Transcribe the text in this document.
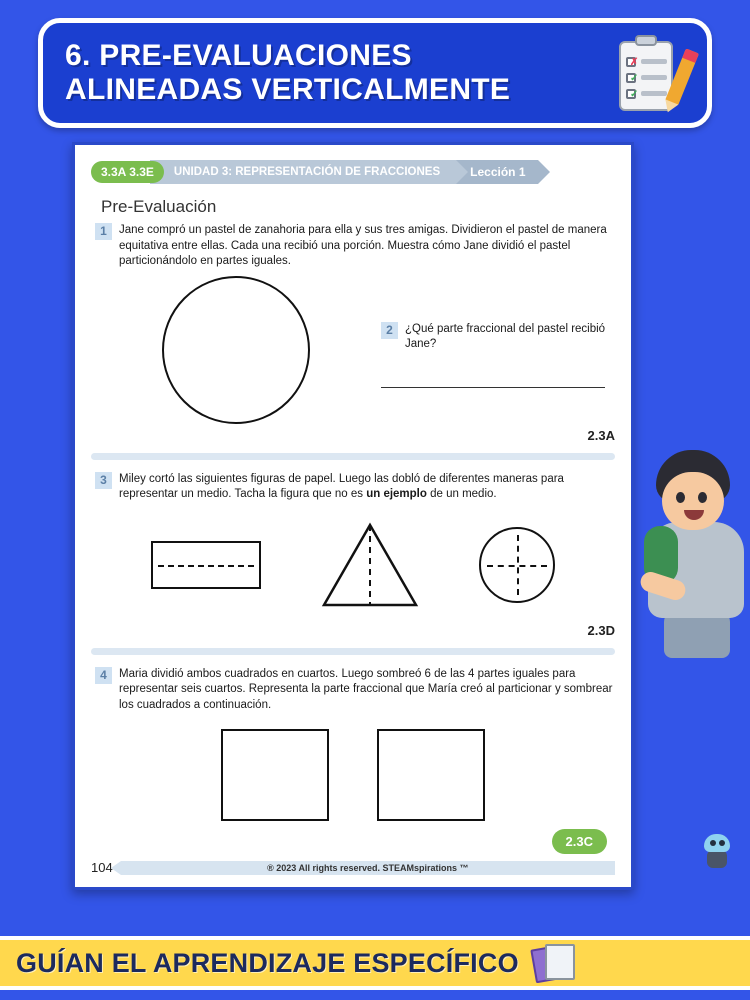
6. PRE-EVALUACIONES
ALINEADAS VERTICALMENTE
✗
✓
✓
3.3A 3.3E	UNIDAD 3: REPRESENTACIÓN DE FRACCIONES	Lección 1
Pre-Evaluación
1	Jane compró un pastel de zanahoria para ella y sus tres amigas. Dividieron el pastel de manera equitativa entre ellas. Cada una recibió una porción. Muestra cómo Jane dividió el pastel particionándolo en partes iguales.
2	¿Qué parte fraccional del pastel recibió Jane?
2.3A
3	Miley cortó las siguientes figuras de papel. Luego las dobló de diferentes maneras para representar un medio. Tacha la figura que no es un ejemplo de un medio.
2.3D
4	Maria dividió ambos cuadrados en cuartos. Luego sombreó 6 de las 4 partes iguales para representar seis cuartos. Representa la parte fraccional que María creó al particionar y sombrear los cuadrados a continuación.
2.3C
104	® 2023 All rights reserved. STEAMspirations ™
GUÍAN EL APRENDIZAJE ESPECÍFICO
